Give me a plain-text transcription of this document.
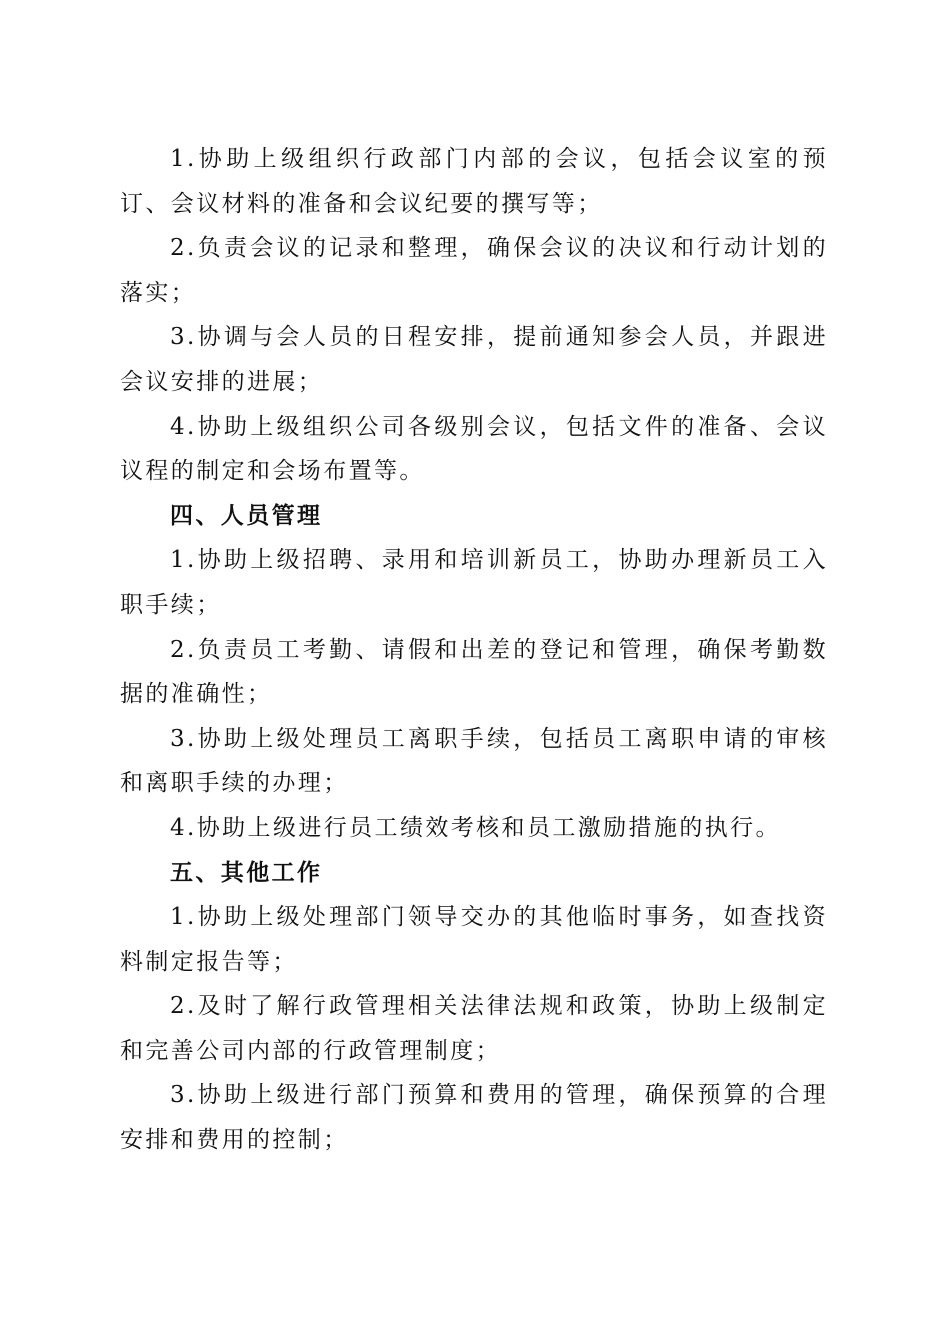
1.协助上级组织行政部门内部的会议，包括会议室的预订、会议材料的准备和会议纪要的撰写等；

2.负责会议的记录和整理，确保会议的决议和行动计划的落实；

3.协调与会人员的日程安排，提前通知参会人员，并跟进会议安排的进展；

4.协助上级组织公司各级别会议，包括文件的准备、会议议程的制定和会场布置等。

四、人员管理

1.协助上级招聘、录用和培训新员工，协助办理新员工入职手续；

2.负责员工考勤、请假和出差的登记和管理，确保考勤数据的准确性；

3.协助上级处理员工离职手续，包括员工离职申请的审核和离职手续的办理；

4.协助上级进行员工绩效考核和员工激励措施的执行。

五、其他工作

1.协助上级处理部门领导交办的其他临时事务，如查找资料制定报告等；

2.及时了解行政管理相关法律法规和政策，协助上级制定和完善公司内部的行政管理制度；

3.协助上级进行部门预算和费用的管理，确保预算的合理安排和费用的控制；
